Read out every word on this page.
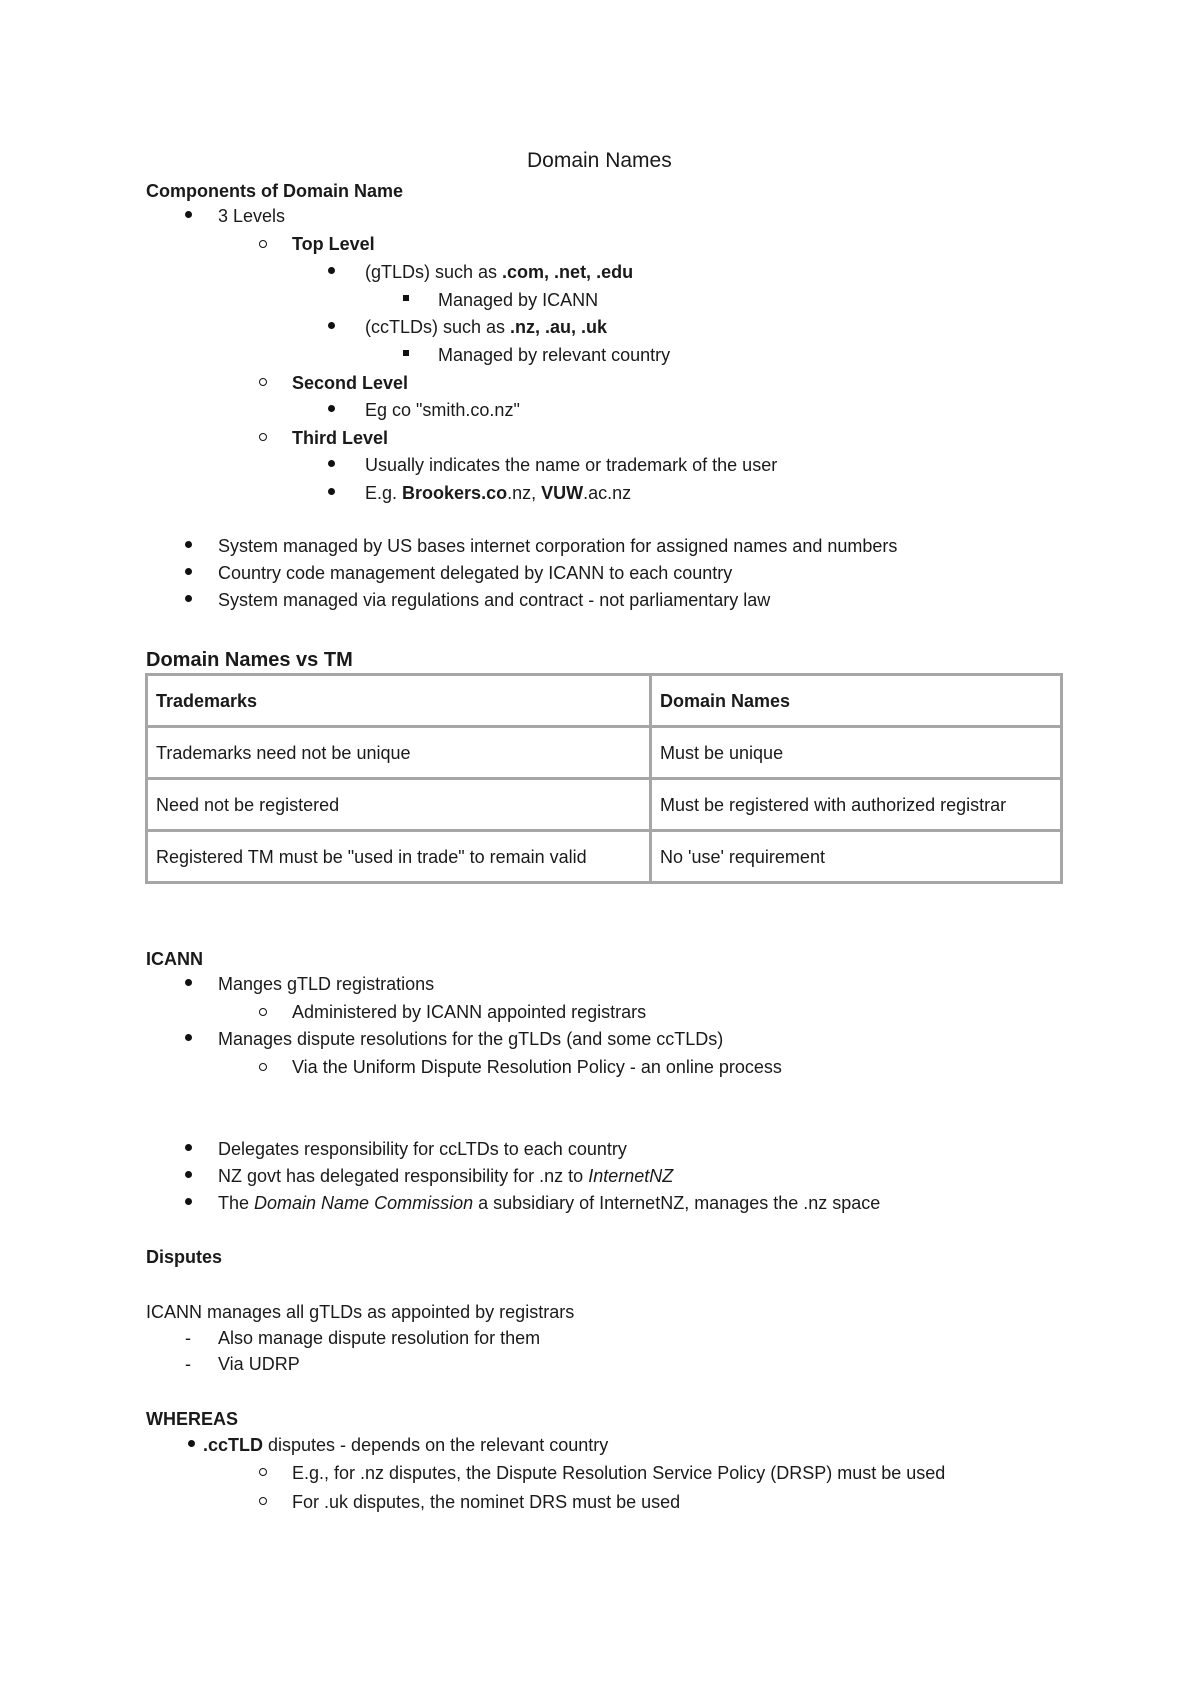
Domain Names
Components of Domain Name
3 Levels
Top Level
(gTLDs) such as .com, .net, .edu
Managed by ICANN
(ccTLDs) such as .nz, .au, .uk
Managed by relevant country
Second Level
Eg co "smith.co.nz"
Third Level
Usually indicates the name or trademark of the user
E.g. Brookers.co.nz, VUW.ac.nz
System managed by US bases internet corporation for assigned names and numbers
Country code management delegated by ICANN to each country
System managed via regulations and contract - not parliamentary law
Domain Names vs TM
Trademarks	Domain Names
Trademarks need not be unique	Must be unique
Need not be registered	Must be registered with authorized registrar
Registered TM must be "used in trade" to remain valid	No 'use' requirement
ICANN
Manges gTLD registrations
Administered by ICANN appointed registrars
Manages dispute resolutions for the gTLDs (and some ccTLDs)
Via the Uniform Dispute Resolution Policy - an online process
Delegates responsibility for ccLTDs to each country
NZ govt has delegated responsibility for .nz to InternetNZ
The Domain Name Commission a subsidiary of InternetNZ, manages the .nz space
Disputes
ICANN manages all gTLDs as appointed by registrars
- Also manage dispute resolution for them
- Via UDRP
WHEREAS
.ccTLD disputes - depends on the relevant country
E.g., for .nz disputes, the Dispute Resolution Service Policy (DRSP) must be used
For .uk disputes, the nominet DRS must be used
